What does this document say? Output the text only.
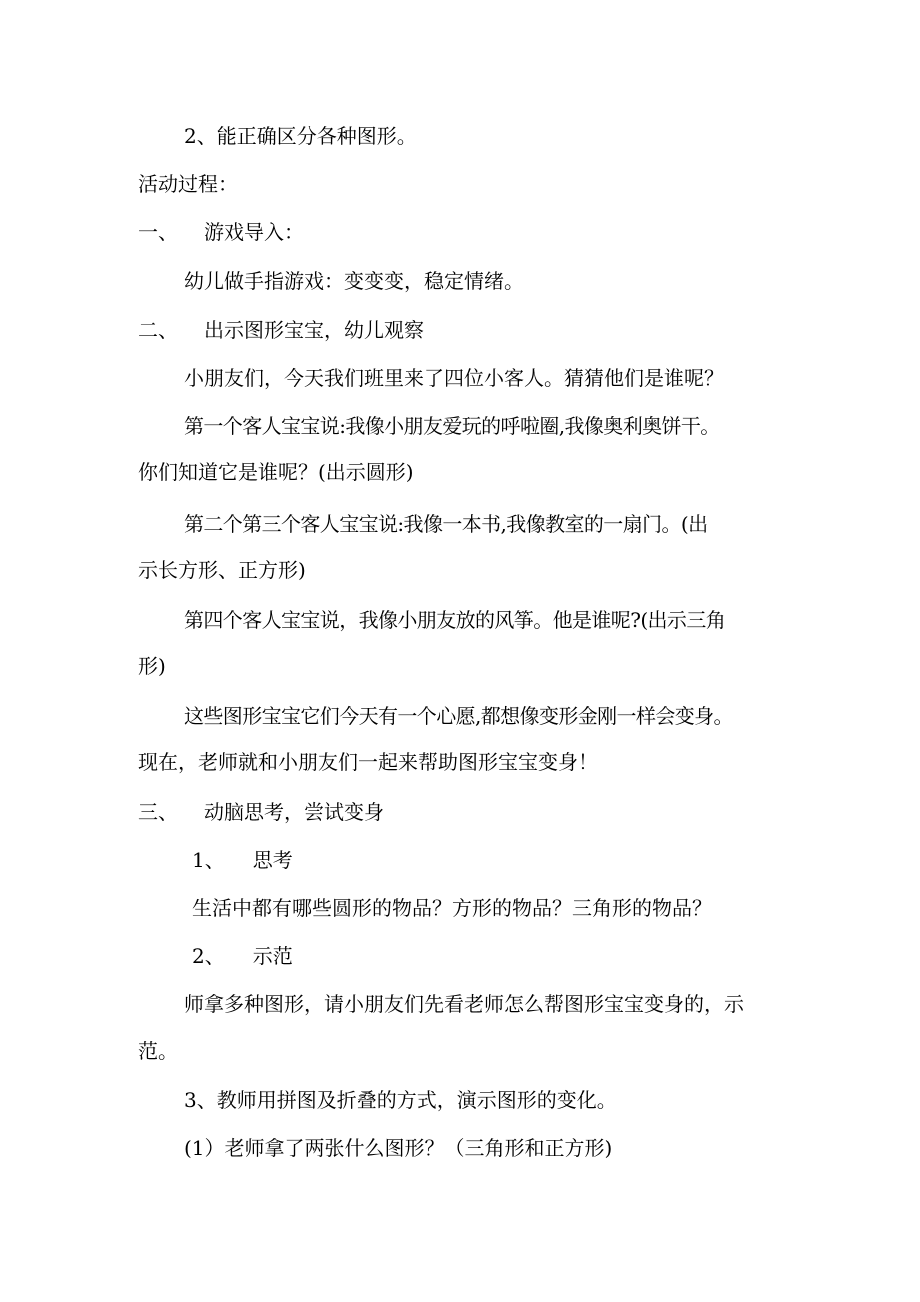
2、能正确区分各种图形。
活动过程：
一、 游戏导入：
幼儿做手指游戏：变变变，稳定情绪。
二、 出示图形宝宝，幼儿观察
小朋友们，今天我们班里来了四位小客人。猜猜他们是谁呢？
第一个客人宝宝说:我像小朋友爱玩的呼啦圈,我像奥利奥饼干。
你们知道它是谁呢？(出示圆形)
第二个第三个客人宝宝说:我像一本书,我像教室的一扇门。(出
示长方形、正方形)
第四个客人宝宝说，我像小朋友放的风筝。他是谁呢?(出示三角
形)
这些图形宝宝它们今天有一个心愿,都想像变形金刚一样会变身。
现在，老师就和小朋友们一起来帮助图形宝宝变身！
三、 动脑思考，尝试变身
1、 思考
生活中都有哪些圆形的物品？方形的物品？三角形的物品？
2、 示范
师拿多种图形，请小朋友们先看老师怎么帮图形宝宝变身的，示
范。
3、教师用拼图及折叠的方式，演示图形的变化。
(1）老师拿了两张什么图形？（三角形和正方形)
